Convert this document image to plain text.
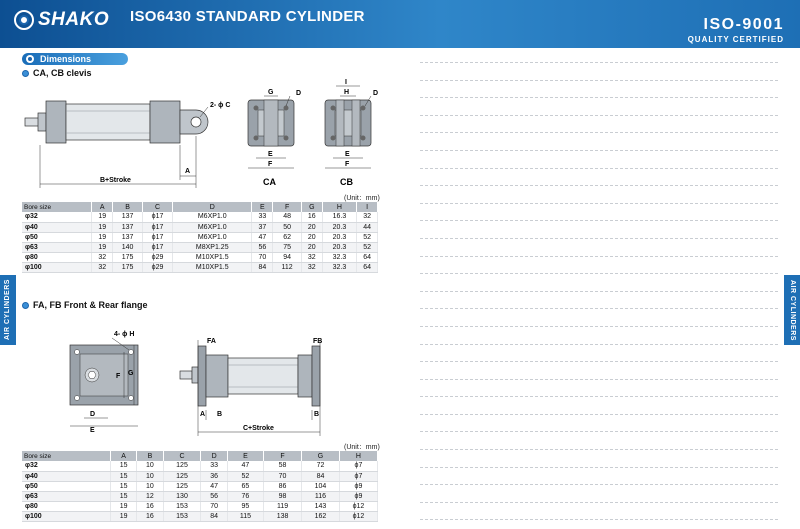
SHAKO ISO6430 STANDARD CYLINDER	ISO-9001
QUALITY CERTIFIED
Dimensions
CA, CB clevis
2- ϕ C
A
B+Stroke
G	D
E
F
CA
I
H	D
E
F
CB
4- ϕ H
F G
D
E
FA	FB
A B	B
C+Stroke
(Unit：mm)
Bore size	A	B	C	D	E	F	G	H	I
φ32	19	137	ϕ17	M6XP1.0	33	48	16	16.3	32
φ40	19	137	ϕ17	M6XP1.0	37	50	20	20.3	44
φ50	19	137	ϕ17	M6XP1.0	47	62	20	20.3	52
φ63	19	140	ϕ17	M8XP1.25	56	75	20	20.3	52
φ80	32	175	ϕ29	M10XP1.5	70	94	32	32.3	64
φ100	32	175	ϕ29	M10XP1.5	84	112	32	32.3	64
FA, FB Front & Rear flange
(Unit：mm)
Bore size	A	B	C	D	E	F	G	H
φ32	15	10	125	33	47	58	72	ϕ7
φ40	15	10	125	36	52	70	84	ϕ7
φ50	15	10	125	47	65	86	104	ϕ9
φ63	15	12	130	56	76	98	116	ϕ9
φ80	19	16	153	70	95	119	143	ϕ12
φ100	19	16	153	84	115	138	162	ϕ12
AIR CYLINDERS	AIR CYLINDERS
